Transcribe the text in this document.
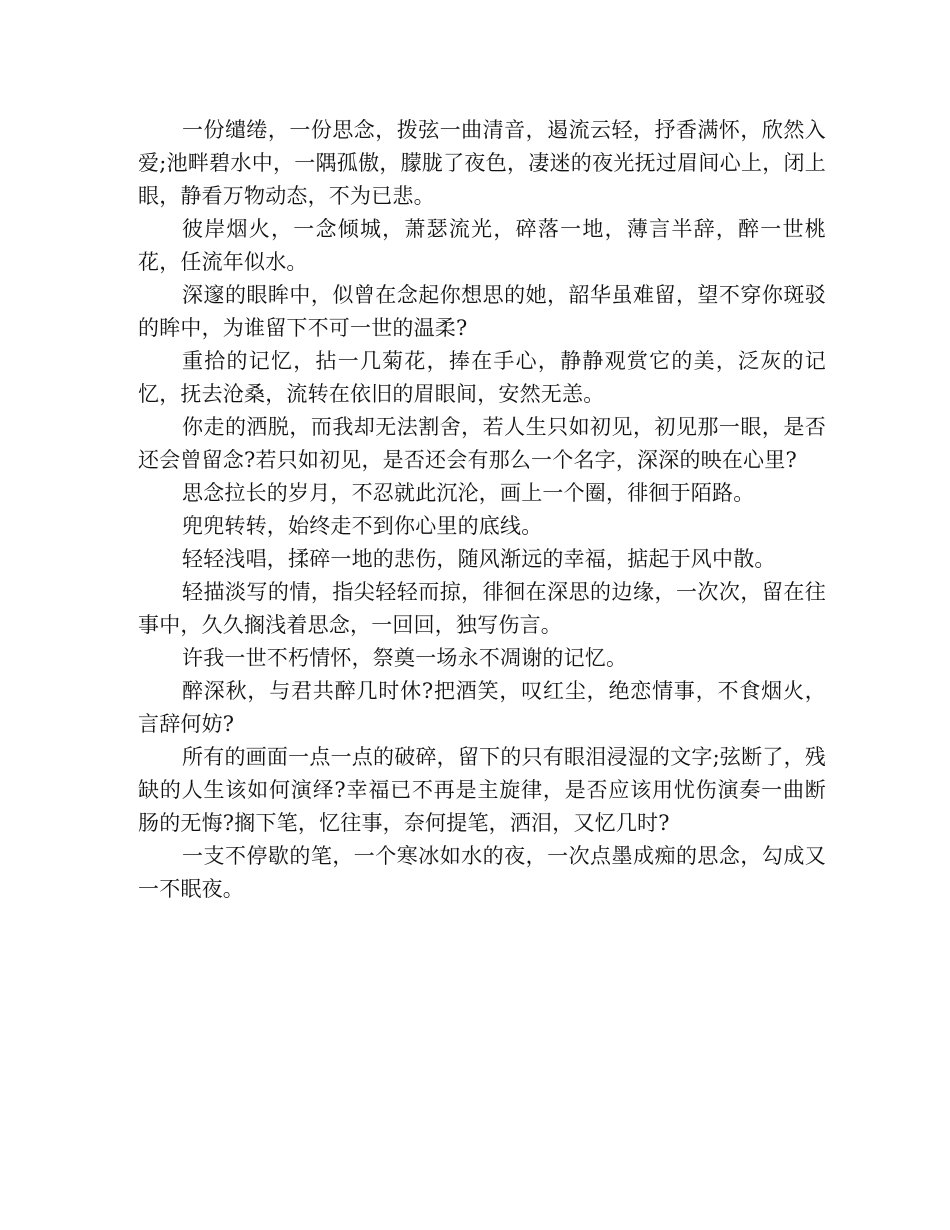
一份缱绻，一份思念，拨弦一曲清音，遏流云轻，抒香满怀，欣然入爱;池畔碧水中，一隅孤傲，朦胧了夜色，凄迷的夜光抚过眉间心上，闭上眼，静看万物动态，不为已悲。

彼岸烟火，一念倾城，萧瑟流光，碎落一地，薄言半辞，醉一世桃花，任流年似水。

深邃的眼眸中，似曾在念起你想思的她，韶华虽难留，望不穿你斑驳的眸中，为谁留下不可一世的温柔?

重拾的记忆，拈一几菊花，捧在手心，静静观赏它的美，泛灰的记忆，抚去沧桑，流转在依旧的眉眼间，安然无恙。

你走的洒脱，而我却无法割舍，若人生只如初见，初见那一眼，是否还会曾留念?若只如初见，是否还会有那么一个名字，深深的映在心里?

思念拉长的岁月，不忍就此沉沦，画上一个圈，徘徊于陌路。

兜兜转转，始终走不到你心里的底线。

轻轻浅唱，揉碎一地的悲伤，随风渐远的幸福，掂起于风中散。

轻描淡写的情，指尖轻轻而掠，徘徊在深思的边缘，一次次，留在往事中，久久搁浅着思念，一回回，独写伤言。

许我一世不朽情怀，祭奠一场永不凋谢的记忆。

醉深秋，与君共醉几时休?把酒笑，叹红尘，绝恋情事，不食烟火，言辞何妨?

所有的画面一点一点的破碎，留下的只有眼泪浸湿的文字;弦断了，残缺的人生该如何演绎?幸福已不再是主旋律，是否应该用忧伤演奏一曲断肠的无悔?搁下笔，忆往事，奈何提笔，洒泪，又忆几时?

一支不停歇的笔，一个寒冰如水的夜，一次点墨成痴的思念，勾成又一不眠夜。
